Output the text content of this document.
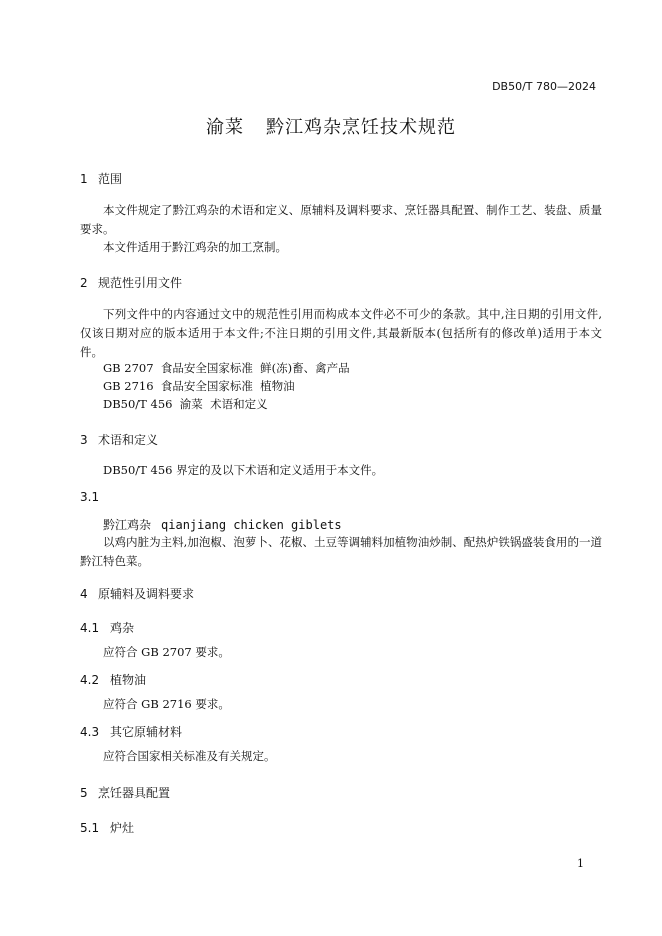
DB50/T 780—2024
渝菜 黔江鸡杂烹饪技术规范
1 范围
本文件规定了黔江鸡杂的术语和定义、原辅料及调料要求、烹饪器具配置、制作工艺、装盘、质量要求。
本文件适用于黔江鸡杂的加工烹制。
2 规范性引用文件
下列文件中的内容通过文中的规范性引用而构成本文件必不可少的条款。其中,注日期的引用文件,仅该日期对应的版本适用于本文件;不注日期的引用文件,其最新版本(包括所有的修改单)适用于本文件。
GB 2707  食品安全国家标准  鲜(冻)畜、禽产品
GB 2716  食品安全国家标准  植物油
DB50/T 456  渝菜  术语和定义
3 术语和定义
DB50/T 456 界定的及以下术语和定义适用于本文件。
3.1
黔江鸡杂 qianjiang chicken giblets
以鸡内脏为主料,加泡椒、泡萝卜、花椒、土豆等调辅料加植物油炒制、配热炉铁锅盛装食用的一道黔江特色菜。
4 原辅料及调料要求
4.1 鸡杂
应符合 GB 2707 要求。
4.2 植物油
应符合 GB 2716 要求。
4.3 其它原辅材料
应符合国家相关标准及有关规定。
5 烹饪器具配置
5.1 炉灶
1
